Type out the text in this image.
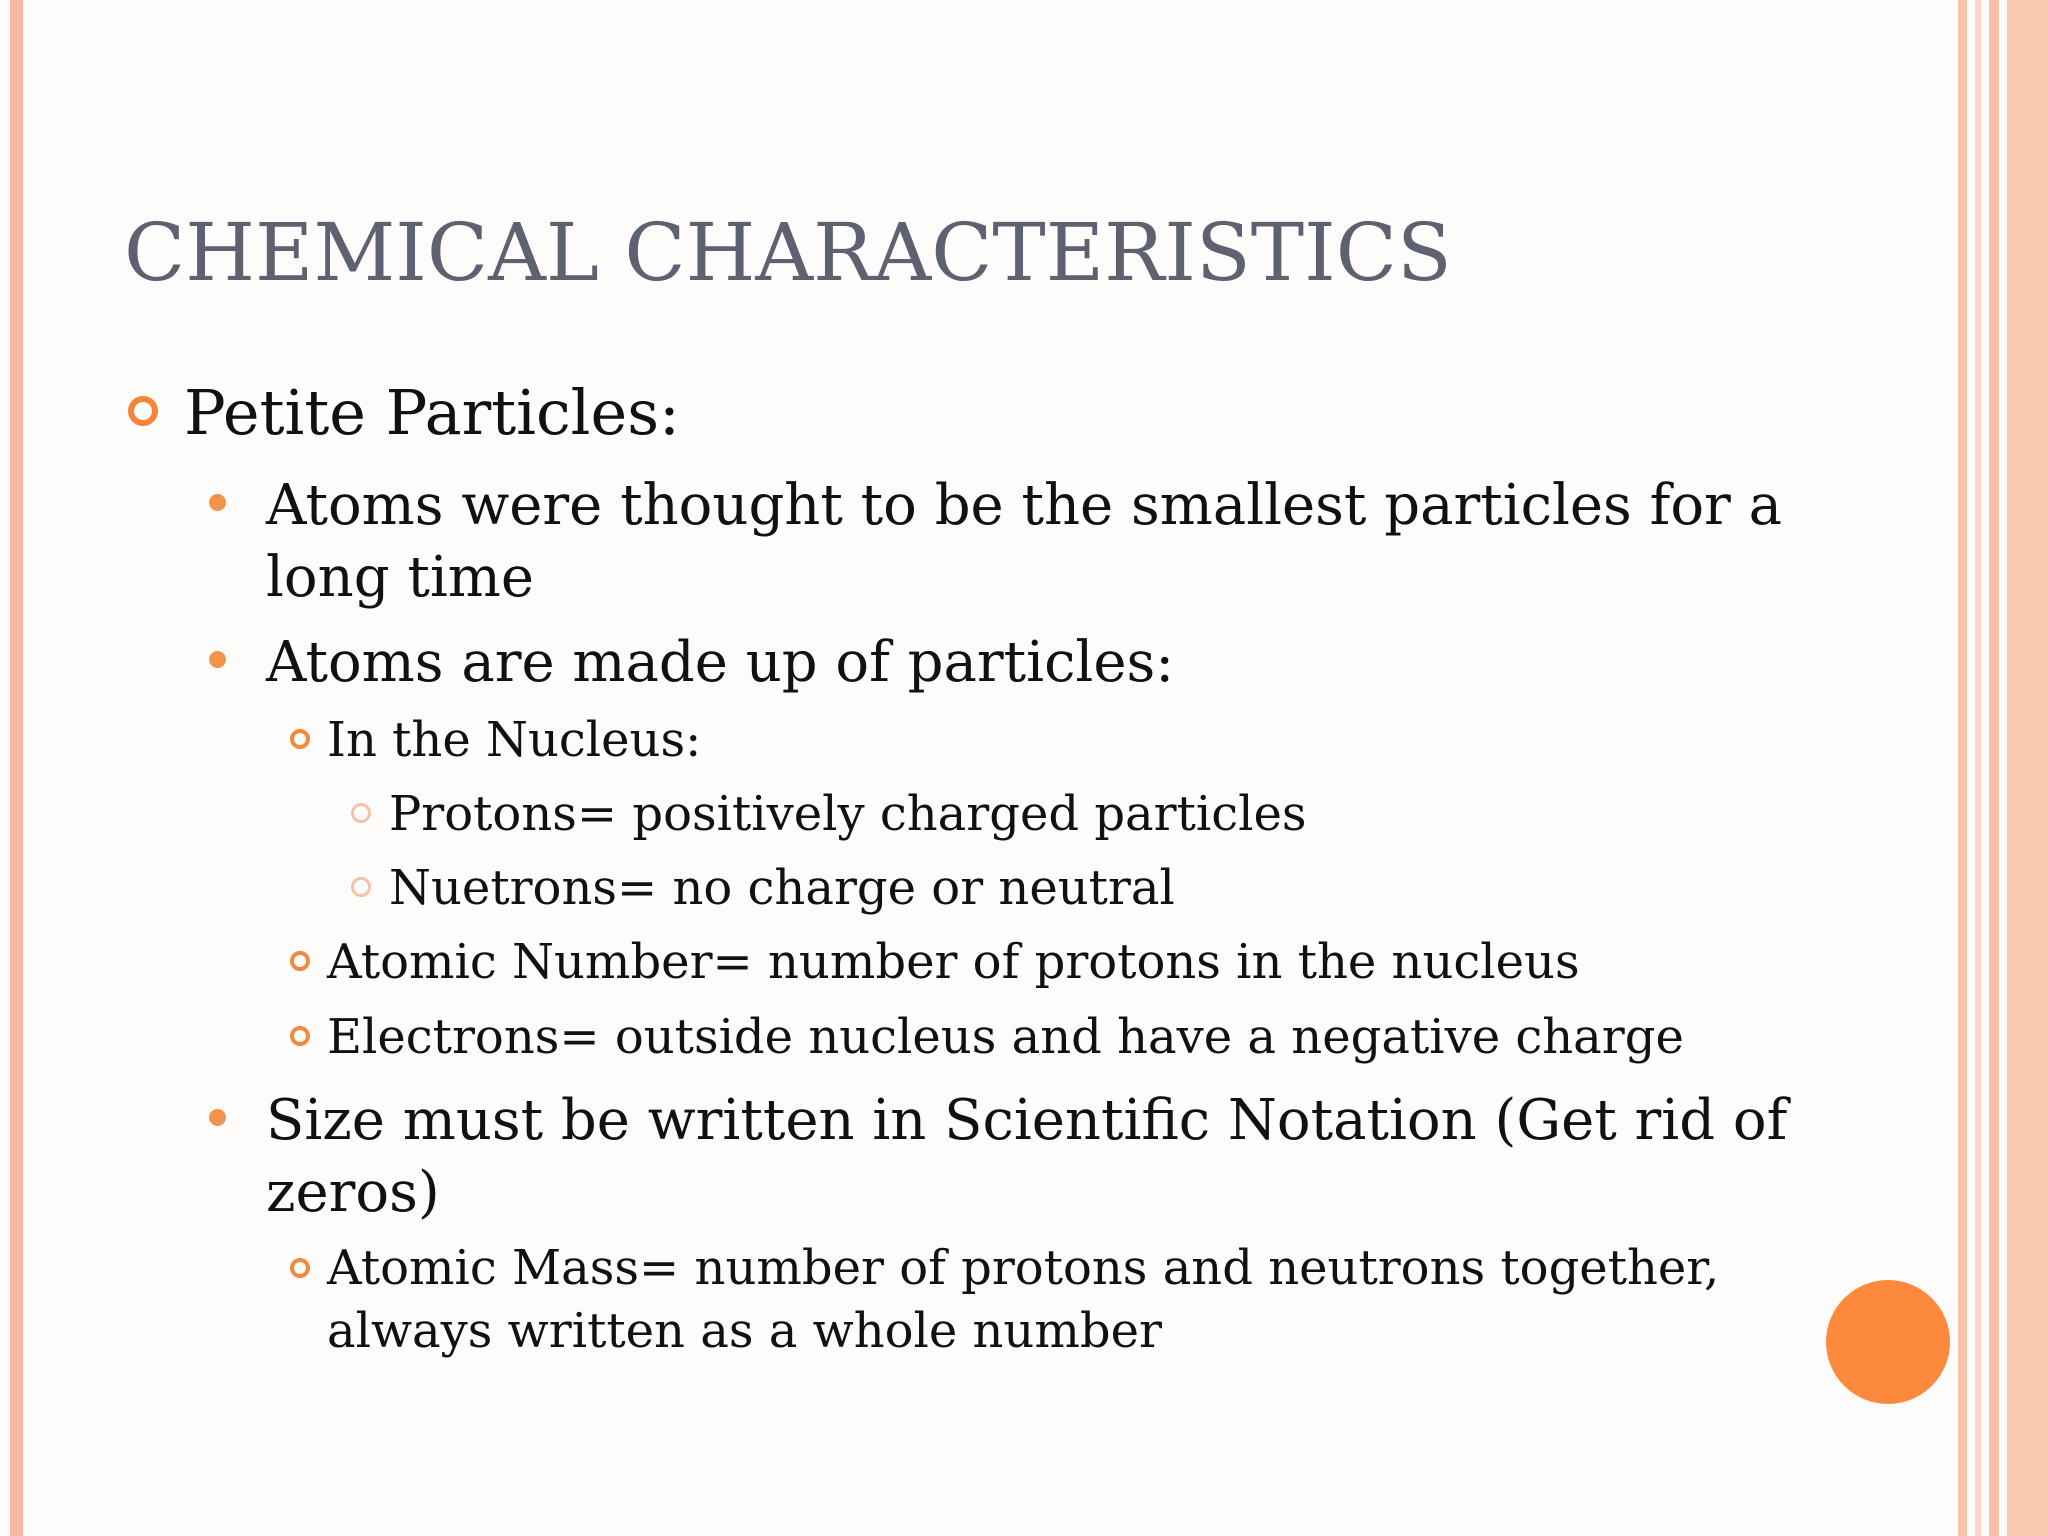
CHEMICAL CHARACTERISTICS
Petite Particles:
Atoms were thought to be the smallest particles for a
long time
Atoms are made up of particles:
In the Nucleus:
Protons= positively charged particles
Nuetrons= no charge or neutral
Atomic Number= number of protons in the nucleus
Electrons= outside nucleus and have a negative charge
Size must be written in Scientific Notation (Get rid of
zeros)
Atomic Mass= number of protons and neutrons together,
always written as a whole number
